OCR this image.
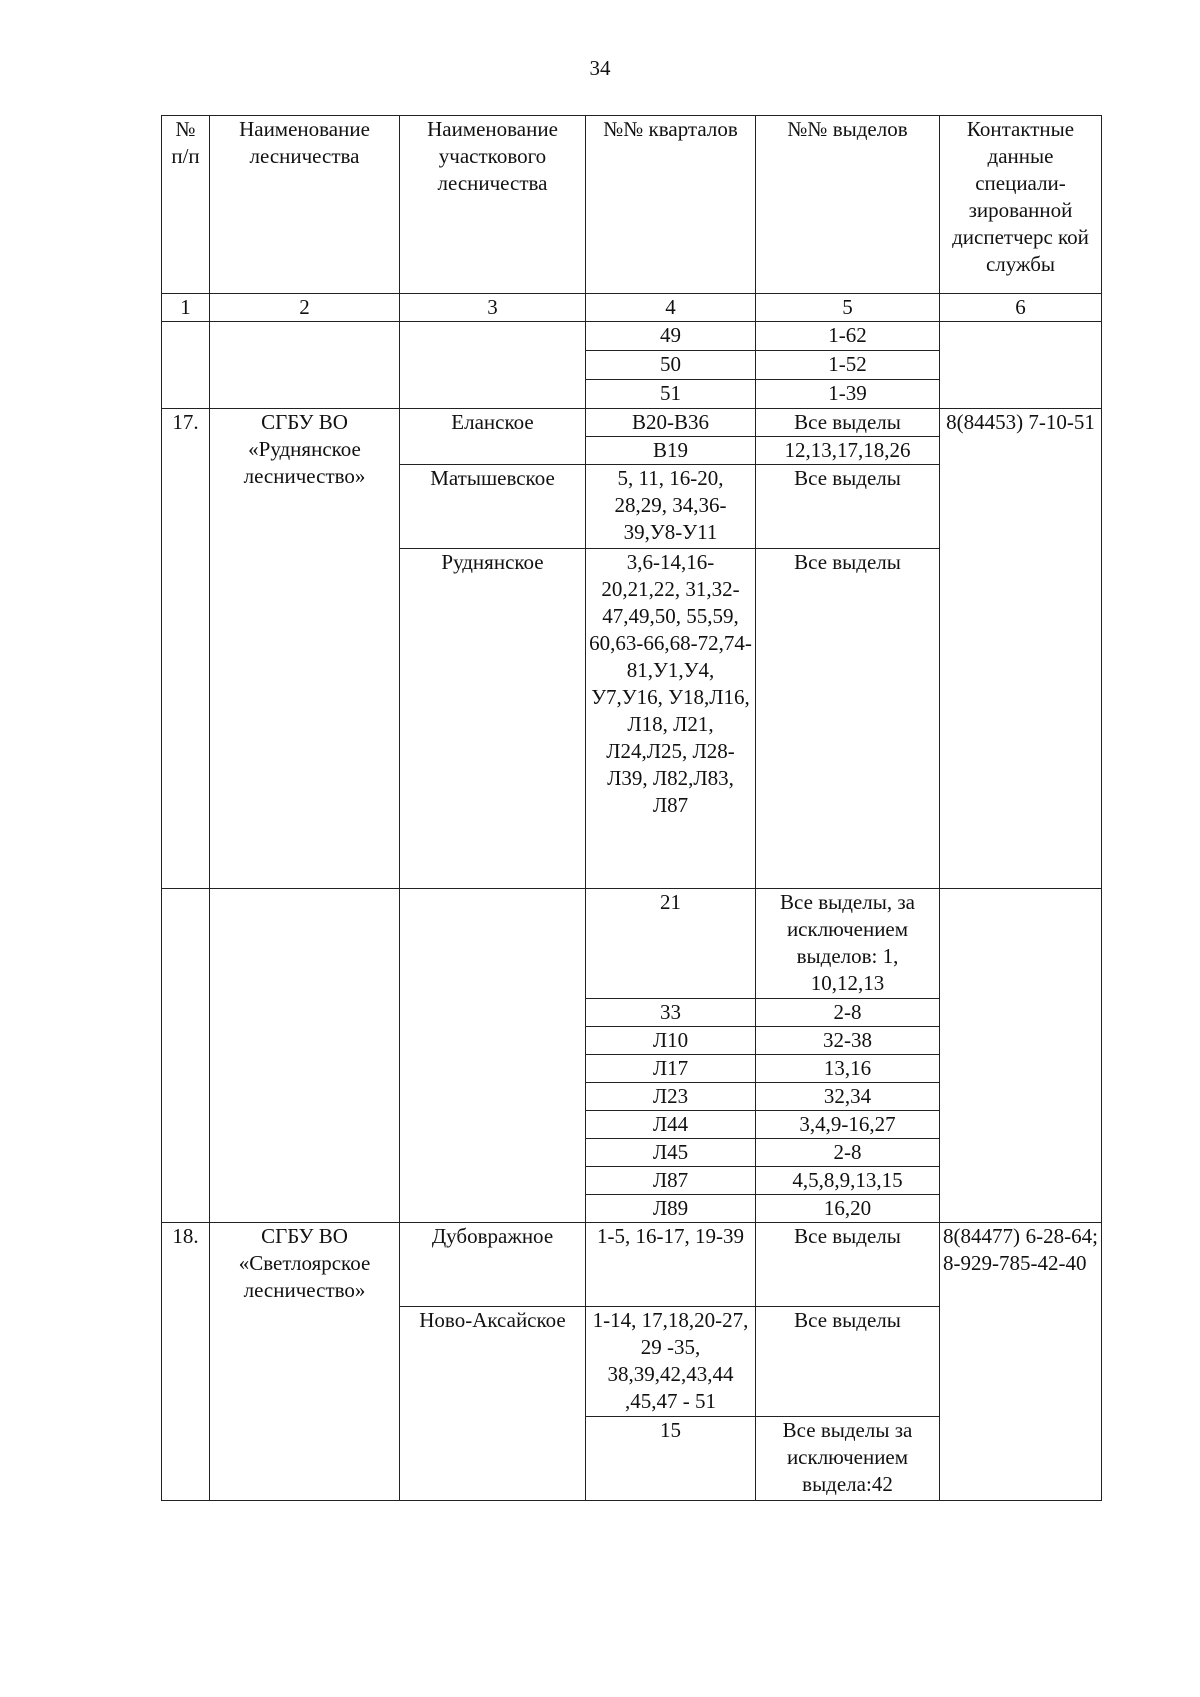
34
№ п/п	Наименование лесничества	Наименование участкового лесничества	№№ кварталов	№№ выделов	Контактные данные специали-зированной диспетчерс кой службы
1	2	3	4	5	6
			49	1-62	
			50	1-52	
			51	1-39	
17.	СГБУ ВО «Руднянское лесничество»	Еланское	В20-В36	Все выделы	8(84453) 7-10-51
			В19	12,13,17,18,26	
		Матышевское	5, 11, 16-20, 28,29, 34,36-39,У8-У11	Все выделы	
		Руднянское	3,6-14,16-20,21,22, 31,32-47,49,50, 55,59, 60,63-66,68-72,74-81,У1,У4, У7,У16, У18,Л16, Л18, Л21, Л24,Л25, Л28-Л39, Л82,Л83, Л87	Все выделы	
			21	Все выделы, за исключением выделов: 1, 10,12,13	
			33	2-8	
			Л10	32-38	
			Л17	13,16	
			Л23	32,34	
			Л44	3,4,9-16,27	
			Л45	2-8	
			Л87	4,5,8,9,13,15	
			Л89	16,20	
18.	СГБУ ВО «Светлоярское лесничество»	Дубовражное	1-5, 16-17, 19-39	Все выделы	8(84477) 6-28-64; 8-929-785-42-40

		Ново-Аксайское	1-14, 17,18,20-27, 29 -35, 38,39,42,43,44 ,45,47 - 51	Все выделы	
			15	Все выделы за исключением выдела:42	
